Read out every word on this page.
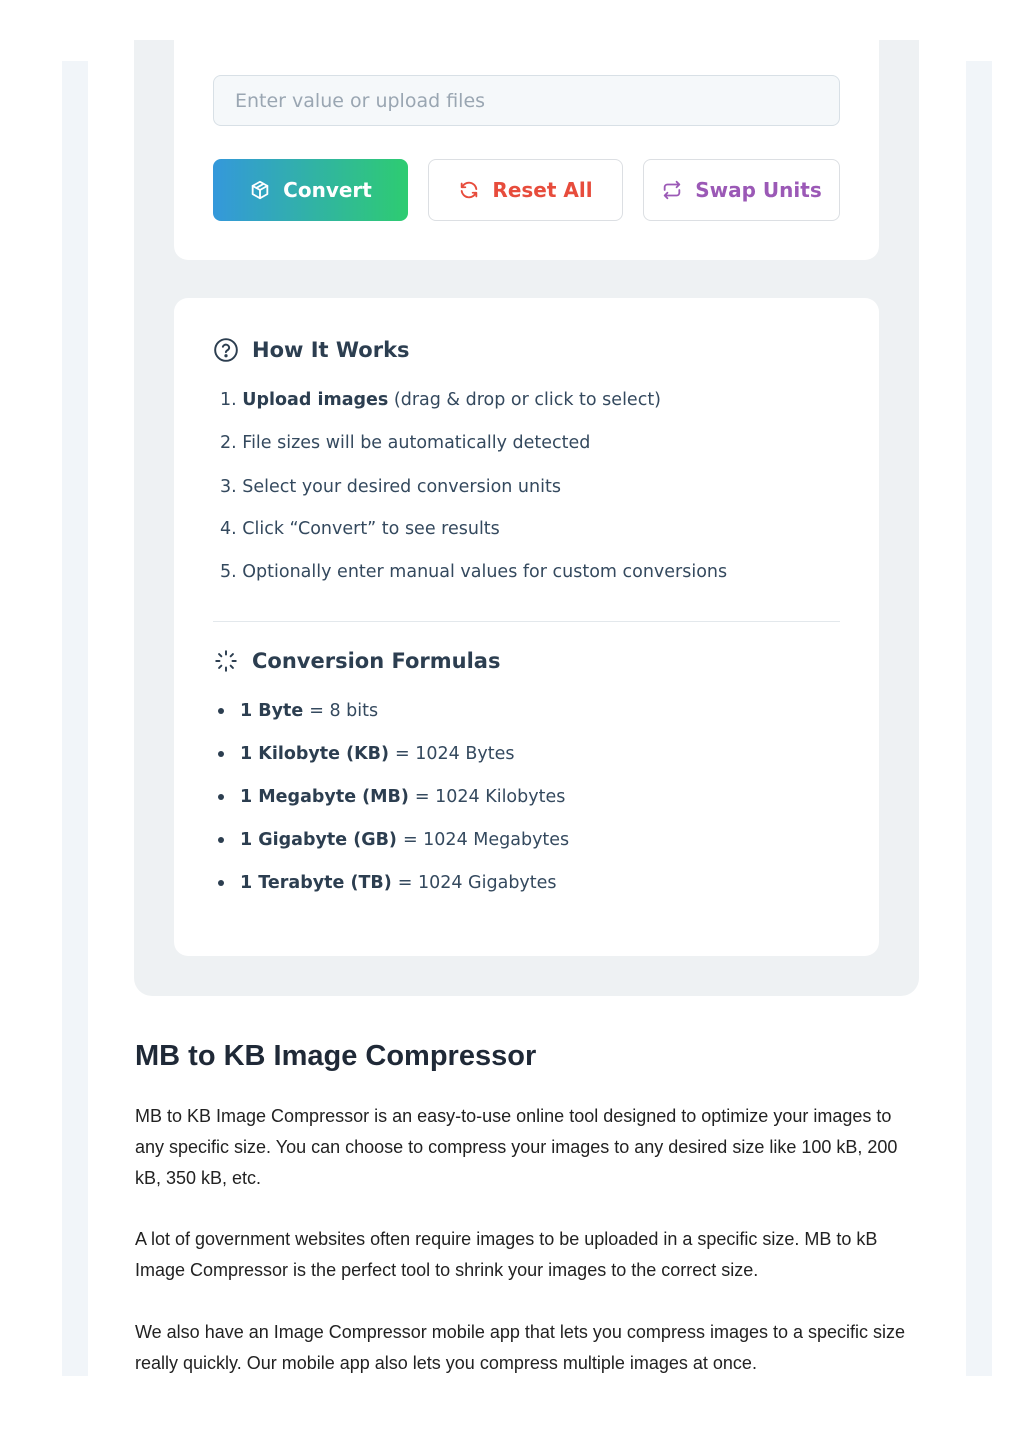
Enter value or upload files
Convert	Reset All	Swap Units
How It Works
1. Upload images (drag & drop or click to select)
2. File sizes will be automatically detected
3. Select your desired conversion units
4. Click “Convert” to see results
5. Optionally enter manual values for custom conversions
Conversion Formulas
1 Byte = 8 bits
1 Kilobyte (KB) = 1024 Bytes
1 Megabyte (MB) = 1024 Kilobytes
1 Gigabyte (GB) = 1024 Megabytes
1 Terabyte (TB) = 1024 Gigabytes
MB to KB Image Compressor

MB to KB Image Compressor is an easy-to-use online tool designed to optimize your images to any specific size. You can choose to compress your images to any desired size like 100 kB, 200 kB, 350 kB, etc.

A lot of government websites often require images to be uploaded in a specific size. MB to kB Image Compressor is the perfect tool to shrink your images to the correct size.

We also have an Image Compressor mobile app that lets you compress images to a specific size really quickly. Our mobile app also lets you compress multiple images at once.
